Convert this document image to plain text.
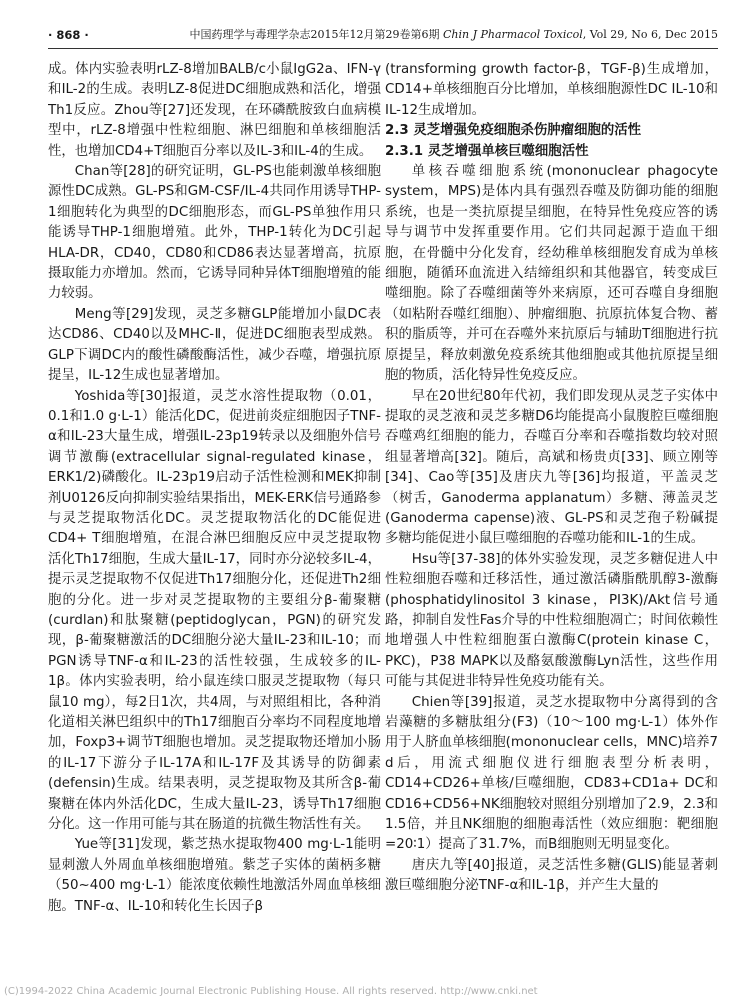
· 868 ·	中国药理学与毒理学杂志2015年12月第29卷第6期 Chin J Pharmacol Toxicol, Vol 29, No 6, Dec 2015

成。体内实验表明rLZ-8增加BALB/c小鼠IgG2a、IFN-γ和IL-2的生成。表明LZ-8促进DC细胞成熟和活化，增强Th1反应。Zhou等[27]还发现，在环磷酰胺致白血病模型中，rLZ-8增强中性粒细胞、淋巴细胞和单核细胞活性，也增加CD4+T细胞百分率以及IL-3和IL-4的生成。

Chan等[28]的研究证明，GL-PS也能刺激单核细胞源性DC成熟。GL-PS和GM-CSF/IL-4共同作用诱导THP-1细胞转化为典型的DC细胞形态，而GL-PS单独作用只能诱导THP-1细胞增殖。此外，THP-1转化为DC引起HLA-DR，CD40，CD80和CD86表达显著增高，抗原摄取能力亦增加。然而，它诱导同种异体T细胞增殖的能力较弱。

Meng等[29]发现，灵芝多糖GLP能增加小鼠DC表达CD86、CD40以及MHC-Ⅱ，促进DC细胞表型成熟。GLP下调DC内的酸性磷酸酶活性，减少吞噬，增强抗原提呈，IL-12生成也显著增加。

Yoshida等[30]报道，灵芝水溶性提取物（0.01，0.1和1.0 g·L-1）能活化DC，促进前炎症细胞因子TNF-α和IL-23大量生成，增强IL-23p19转录以及细胞外信号调节激酶(extracellular signal-regulated kinase，ERK1/2)磷酸化。IL-23p19启动子活性检测和MEK抑制剂U0126反向抑制实验结果指出，MEK-ERK信号通路参与灵芝提取物活化DC。灵芝提取物活化的DC能促进CD4+ T细胞增殖，在混合淋巴细胞反应中灵芝提取物活化Th17细胞，生成大量IL-17，同时亦分泌较多IL-4，提示灵芝提取物不仅促进Th17细胞分化，还促进Th2细胞的分化。进一步对灵芝提取物的主要组分β-葡聚糖(curdlan)和肽聚糖(peptidoglycan，PGN)的研究发现，β-葡聚糖激活的DC细胞分泌大量IL-23和IL-10；而PGN诱导TNF-α和IL-23的活性较强，生成较多的IL-1β。体内实验表明，给小鼠连续口服灵芝提取物（每只鼠10 mg），每2日1次，共4周，与对照组相比，各种消化道相关淋巴组织中的Th17细胞百分率均不同程度地增加，Foxp3+调节T细胞也增加。灵芝提取物还增加小肠的IL-17下游分子IL-17A和IL-17F及其诱导的防御素(defensin)生成。结果表明，灵芝提取物及其所含β-葡聚糖在体内外活化DC，生成大量IL-23，诱导Th17细胞分化。这一作用可能与其在肠道的抗微生物活性有关。

Yue等[31]发现，紫芝热水提取物400 mg·L-1能明显刺激人外周血单核细胞增殖。紫芝子实体的菌柄多糖（50~400 mg·L-1）能浓度依赖性地激活外周血单核细胞。TNF-α、IL-10和转化生长因子β

(transforming growth factor-β，TGF-β)生成增加，CD14+单核细胞百分比增加，单核细胞源性DC IL-10和IL-12生成增加。

2.3 灵芝增强免疫细胞杀伤肿瘤细胞的活性
2.3.1 灵芝增强单核巨噬细胞活性

单核吞噬细胞系统(mononuclear phagocyte system，MPS)是体内具有强烈吞噬及防御功能的细胞系统，也是一类抗原提呈细胞，在特异性免疫应答的诱导与调节中发挥重要作用。它们共同起源于造血干细胞，在骨髓中分化发育，经幼稚单核细胞发育成为单核细胞，随循环血流进入结缔组织和其他器官，转变成巨噬细胞。除了吞噬细菌等外来病原，还可吞噬自身细胞（如粘附吞噬红细胞）、肿瘤细胞、抗原抗体复合物、蓄积的脂质等，并可在吞噬外来抗原后与辅助T细胞进行抗原提呈，释放刺激免疫系统其他细胞或其他抗原提呈细胞的物质，活化特异性免疫反应。

早在20世纪80年代初，我们即发现从灵芝子实体中提取的灵芝液和灵芝多糖D6均能提高小鼠腹腔巨噬细胞吞噬鸡红细胞的能力，吞噬百分率和吞噬指数均较对照组显著增高[32]。随后，高斌和杨贵贞[33]、顾立刚等[34]、Cao等[35]及唐庆九等[36]均报道，平盖灵芝（树舌，Ganoderma applanatum）多糖、薄盖灵芝(Ganoderma capense)液、GL-PS和灵芝孢子粉碱提多糖均能促进小鼠巨噬细胞的吞噬功能和IL-1的生成。

Hsu等[37-38]的体外实验发现，灵芝多糖促进人中性粒细胞吞噬和迁移活性，通过激活磷脂酰肌醇3-激酶(phosphatidylinositol 3 kinase，PI3K)/Akt信号通路，抑制自发性Fas介导的中性粒细胞凋亡；时间依赖性地增强人中性粒细胞蛋白激酶C(protein kinase C，PKC)，P38 MAPK以及酪氨酸激酶Lyn活性，这些作用可能与其促进非特异性免疫功能有关。

Chien等[39]报道，灵芝水提取物中分离得到的含岩藻糖的多糖肽组分(F3)（10～100 mg·L-1）体外作用于人脐血单核细胞(mononuclear cells，MNC)培养7 d后，用流式细胞仪进行细胞表型分析表明，CD14+CD26+单核/巨噬细胞，CD83+CD1a+ DC和CD16+CD56+NK细胞较对照组分别增加了2.9，2.3和1.5倍，并且NK细胞的细胞毒活性（效应细胞：靶细胞=20∶1）提高了31.7%，而B细胞则无明显变化。

唐庆九等[40]报道，灵芝活性多糖(GLIS)能显著刺激巨噬细胞分泌TNF-α和IL-1β，并产生大量的

(C)1994-2022 China Academic Journal Electronic Publishing House. All rights reserved. http://www.cnki.net
